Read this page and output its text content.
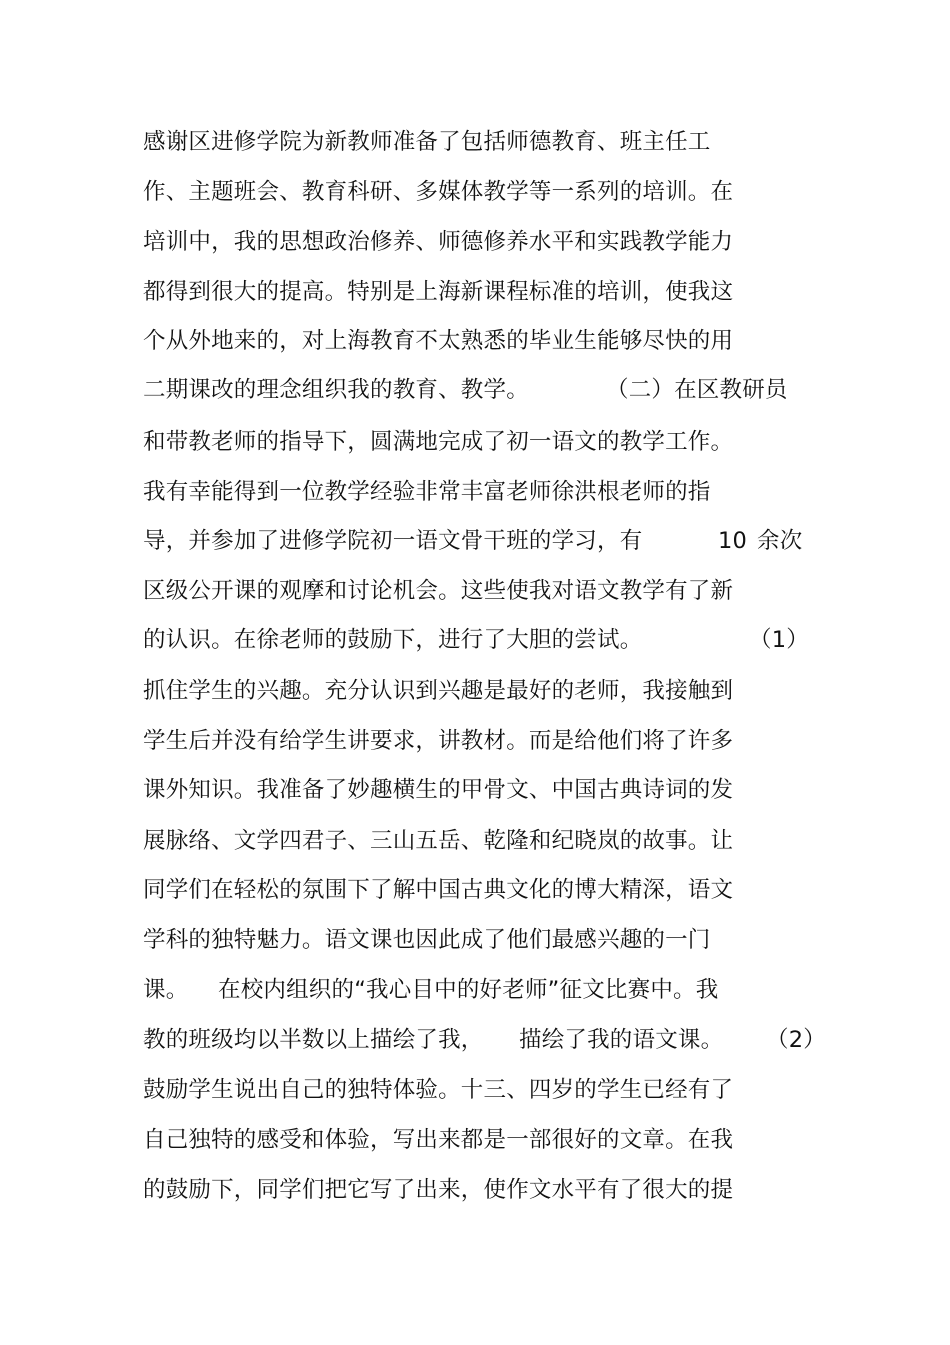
感谢区进修学院为新教师准备了包括师德教育、班主任工
作、主题班会、教育科研、多媒体教学等一系列的培训。在
培训中，我的思想政治修养、师德修养水平和实践教学能力
都得到很大的提高。特别是上海新课程标准的培训，使我这
个从外地来的，对上海教育不太熟悉的毕业生能够尽快的用
二期课改的理念组织我的教育、教学。	（二）在区教研员
和带教老师的指导下，圆满地完成了初一语文的教学工作。
我有幸能得到一位教学经验非常丰富老师徐洪根老师的指
导，并参加了进修学院初一语文骨干班的学习，有	10 余次
区级公开课的观摩和讨论机会。这些使我对语文教学有了新
的认识。在徐老师的鼓励下，进行了大胆的尝试。	（1）
抓住学生的兴趣。充分认识到兴趣是最好的老师，我接触到
学生后并没有给学生讲要求，讲教材。而是给他们将了许多
课外知识。我准备了妙趣横生的甲骨文、中国古典诗词的发
展脉络、文学四君子、三山五岳、乾隆和纪晓岚的故事。让
同学们在轻松的氛围下了解中国古典文化的博大精深，语文
学科的独特魅力。语文课也因此成了他们最感兴趣的一门
课。 在校内组织的“我心目中的好老师”征文比赛中。我
教的班级均以半数以上描绘了我， 描绘了我的语文课。 （2）
鼓励学生说出自己的独特体验。十三、四岁的学生已经有了
自己独特的感受和体验，写出来都是一部很好的文章。在我
的鼓励下，同学们把它写了出来，使作文水平有了很大的提
